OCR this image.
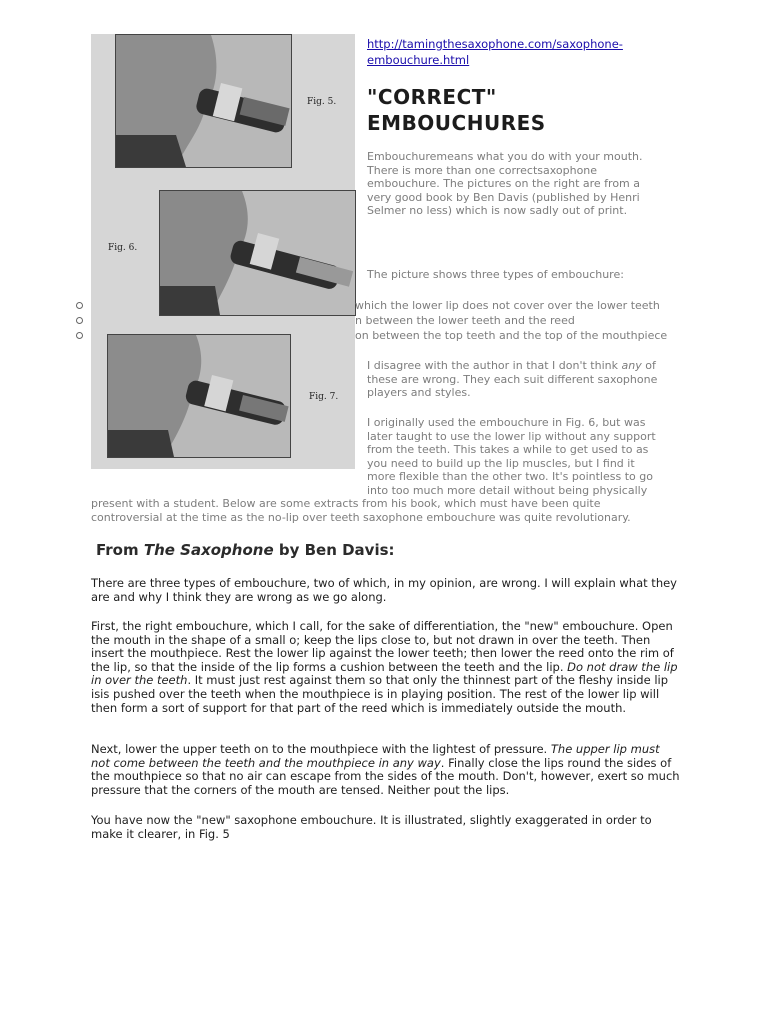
Fig. 5.
Fig. 6.
Fig. 7.
http://tamingthesaxophone.com/saxophone-
embouchure.html
"CORRECT"
EMBOUCHURES
Embouchuremeans what you do with your mouth. There is more than one correctsaxophone embouchure. The pictures on the right are from a very good book by Ben Davis (published by Henri Selmer no less) which is now sadly out of print.
The picture shows three types of embouchure:
which the lower lip does not cover over the lower teeth
n between the lower teeth and the reed
on between the top teeth and the top of the mouthpiece
I disagree with the author in that I don't think any of these are wrong. They each suit different saxophone players and styles.
I originally used the embouchure in Fig. 6, but was
later taught to use the lower lip without any support
from the teeth. This takes a while to get used to as
you need to build up the lip muscles, but I find it
more flexible than the other two. It's pointless to go
into too much more detail without being physically
present with a student. Below are some extracts from his book, which must have been quite
controversial at the time as the no-lip over teeth saxophone embouchure was quite revolutionary.
From The Saxophone by Ben Davis:
There are three types of embouchure, two of which, in my opinion, are wrong. I will explain what they are and why I think they are wrong as we go along.
First, the right embouchure, which I call, for the sake of differentiation, the "new" embouchure. Open the mouth in the shape of a small o; keep the lips close to, but not drawn in over the teeth. Then insert the mouthpiece. Rest the lower lip against the lower teeth; then lower the reed onto the rim of the lip, so that the inside of the lip forms a cushion between the teeth and the lip. Do not draw the lip in over the teeth. It must just rest against them so that only the thinnest part of the fleshy inside lip isis pushed over the teeth when the mouthpiece is in playing position. The rest of the lower lip will then form a sort of support for that part of the reed which is immediately outside the mouth.
Next, lower the upper teeth on to the mouthpiece with the lightest of pressure. The upper lip must not come between the teeth and the mouthpiece in any way. Finally close the lips round the sides of the mouthpiece so that no air can escape from the sides of the mouth. Don't, however, exert so much pressure that the corners of the mouth are tensed. Neither pout the lips.
You have now the "new" saxophone embouchure. It is illustrated, slightly exaggerated in order to make it clearer, in Fig. 5
